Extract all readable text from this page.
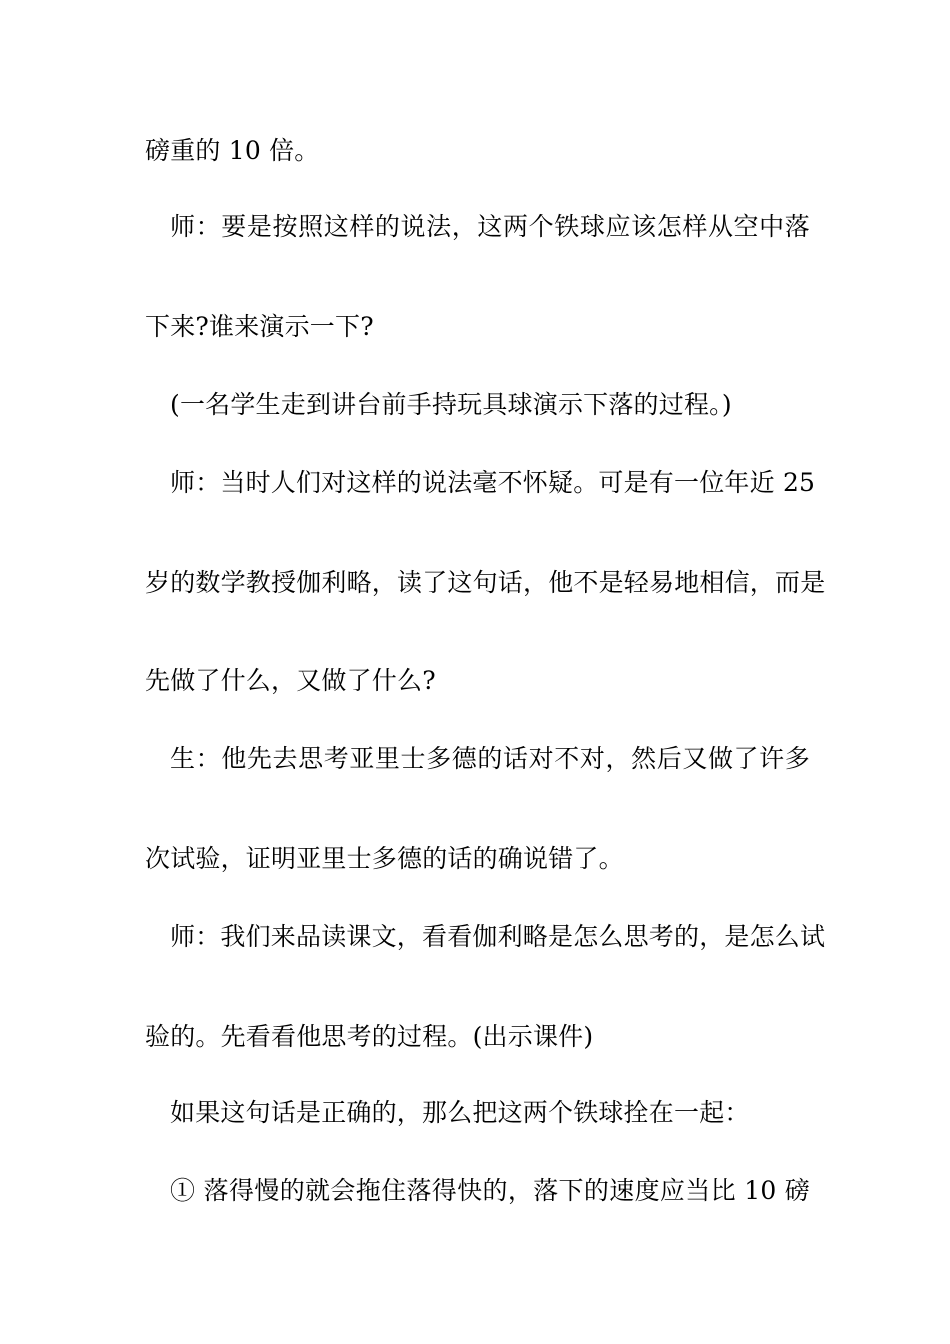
磅重的 10 倍。
师：要是按照这样的说法，这两个铁球应该怎样从空中落
下来?谁来演示一下?
(一名学生走到讲台前手持玩具球演示下落的过程。)
师：当时人们对这样的说法毫不怀疑。可是有一位年近 25
岁的数学教授伽利略，读了这句话，他不是轻易地相信，而是
先做了什么，又做了什么?
生：他先去思考亚里士多德的话对不对，然后又做了许多
次试验，证明亚里士多德的话的确说错了。
师：我们来品读课文，看看伽利略是怎么思考的，是怎么试
验的。先看看他思考的过程。(出示课件)
如果这句话是正确的，那么把这两个铁球拴在一起：
① 落得慢的就会拖住落得快的，落下的速度应当比 10 磅
